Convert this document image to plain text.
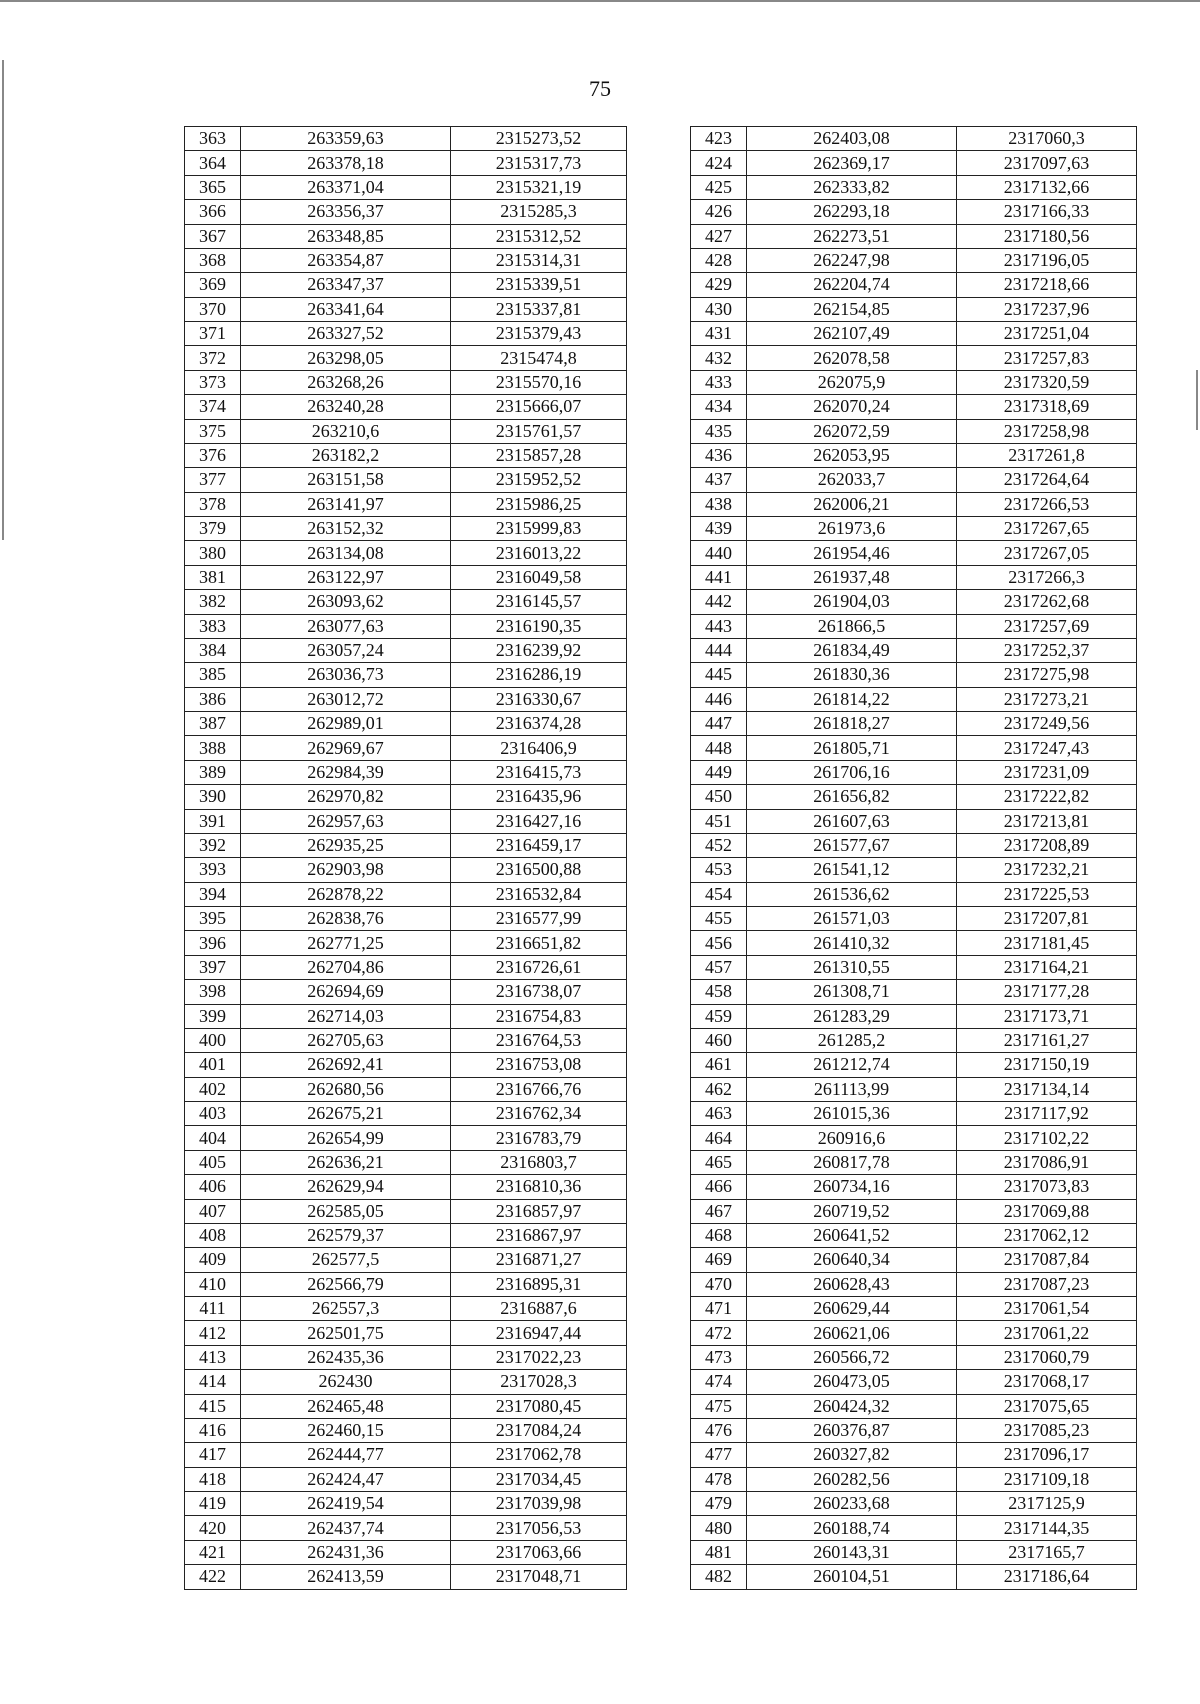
75
363	263359,63	2315273,52
364	263378,18	2315317,73
365	263371,04	2315321,19
366	263356,37	2315285,3
367	263348,85	2315312,52
368	263354,87	2315314,31
369	263347,37	2315339,51
370	263341,64	2315337,81
371	263327,52	2315379,43
372	263298,05	2315474,8
373	263268,26	2315570,16
374	263240,28	2315666,07
375	263210,6	2315761,57
376	263182,2	2315857,28
377	263151,58	2315952,52
378	263141,97	2315986,25
379	263152,32	2315999,83
380	263134,08	2316013,22
381	263122,97	2316049,58
382	263093,62	2316145,57
383	263077,63	2316190,35
384	263057,24	2316239,92
385	263036,73	2316286,19
386	263012,72	2316330,67
387	262989,01	2316374,28
388	262969,67	2316406,9
389	262984,39	2316415,73
390	262970,82	2316435,96
391	262957,63	2316427,16
392	262935,25	2316459,17
393	262903,98	2316500,88
394	262878,22	2316532,84
395	262838,76	2316577,99
396	262771,25	2316651,82
397	262704,86	2316726,61
398	262694,69	2316738,07
399	262714,03	2316754,83
400	262705,63	2316764,53
401	262692,41	2316753,08
402	262680,56	2316766,76
403	262675,21	2316762,34
404	262654,99	2316783,79
405	262636,21	2316803,7
406	262629,94	2316810,36
407	262585,05	2316857,97
408	262579,37	2316867,97
409	262577,5	2316871,27
410	262566,79	2316895,31
411	262557,3	2316887,6
412	262501,75	2316947,44
413	262435,36	2317022,23
414	262430	2317028,3
415	262465,48	2317080,45
416	262460,15	2317084,24
417	262444,77	2317062,78
418	262424,47	2317034,45
419	262419,54	2317039,98
420	262437,74	2317056,53
421	262431,36	2317063,66
422	262413,59	2317048,71
423	262403,08	2317060,3
424	262369,17	2317097,63
425	262333,82	2317132,66
426	262293,18	2317166,33
427	262273,51	2317180,56
428	262247,98	2317196,05
429	262204,74	2317218,66
430	262154,85	2317237,96
431	262107,49	2317251,04
432	262078,58	2317257,83
433	262075,9	2317320,59
434	262070,24	2317318,69
435	262072,59	2317258,98
436	262053,95	2317261,8
437	262033,7	2317264,64
438	262006,21	2317266,53
439	261973,6	2317267,65
440	261954,46	2317267,05
441	261937,48	2317266,3
442	261904,03	2317262,68
443	261866,5	2317257,69
444	261834,49	2317252,37
445	261830,36	2317275,98
446	261814,22	2317273,21
447	261818,27	2317249,56
448	261805,71	2317247,43
449	261706,16	2317231,09
450	261656,82	2317222,82
451	261607,63	2317213,81
452	261577,67	2317208,89
453	261541,12	2317232,21
454	261536,62	2317225,53
455	261571,03	2317207,81
456	261410,32	2317181,45
457	261310,55	2317164,21
458	261308,71	2317177,28
459	261283,29	2317173,71
460	261285,2	2317161,27
461	261212,74	2317150,19
462	261113,99	2317134,14
463	261015,36	2317117,92
464	260916,6	2317102,22
465	260817,78	2317086,91
466	260734,16	2317073,83
467	260719,52	2317069,88
468	260641,52	2317062,12
469	260640,34	2317087,84
470	260628,43	2317087,23
471	260629,44	2317061,54
472	260621,06	2317061,22
473	260566,72	2317060,79
474	260473,05	2317068,17
475	260424,32	2317075,65
476	260376,87	2317085,23
477	260327,82	2317096,17
478	260282,56	2317109,18
479	260233,68	2317125,9
480	260188,74	2317144,35
481	260143,31	2317165,7
482	260104,51	2317186,64
